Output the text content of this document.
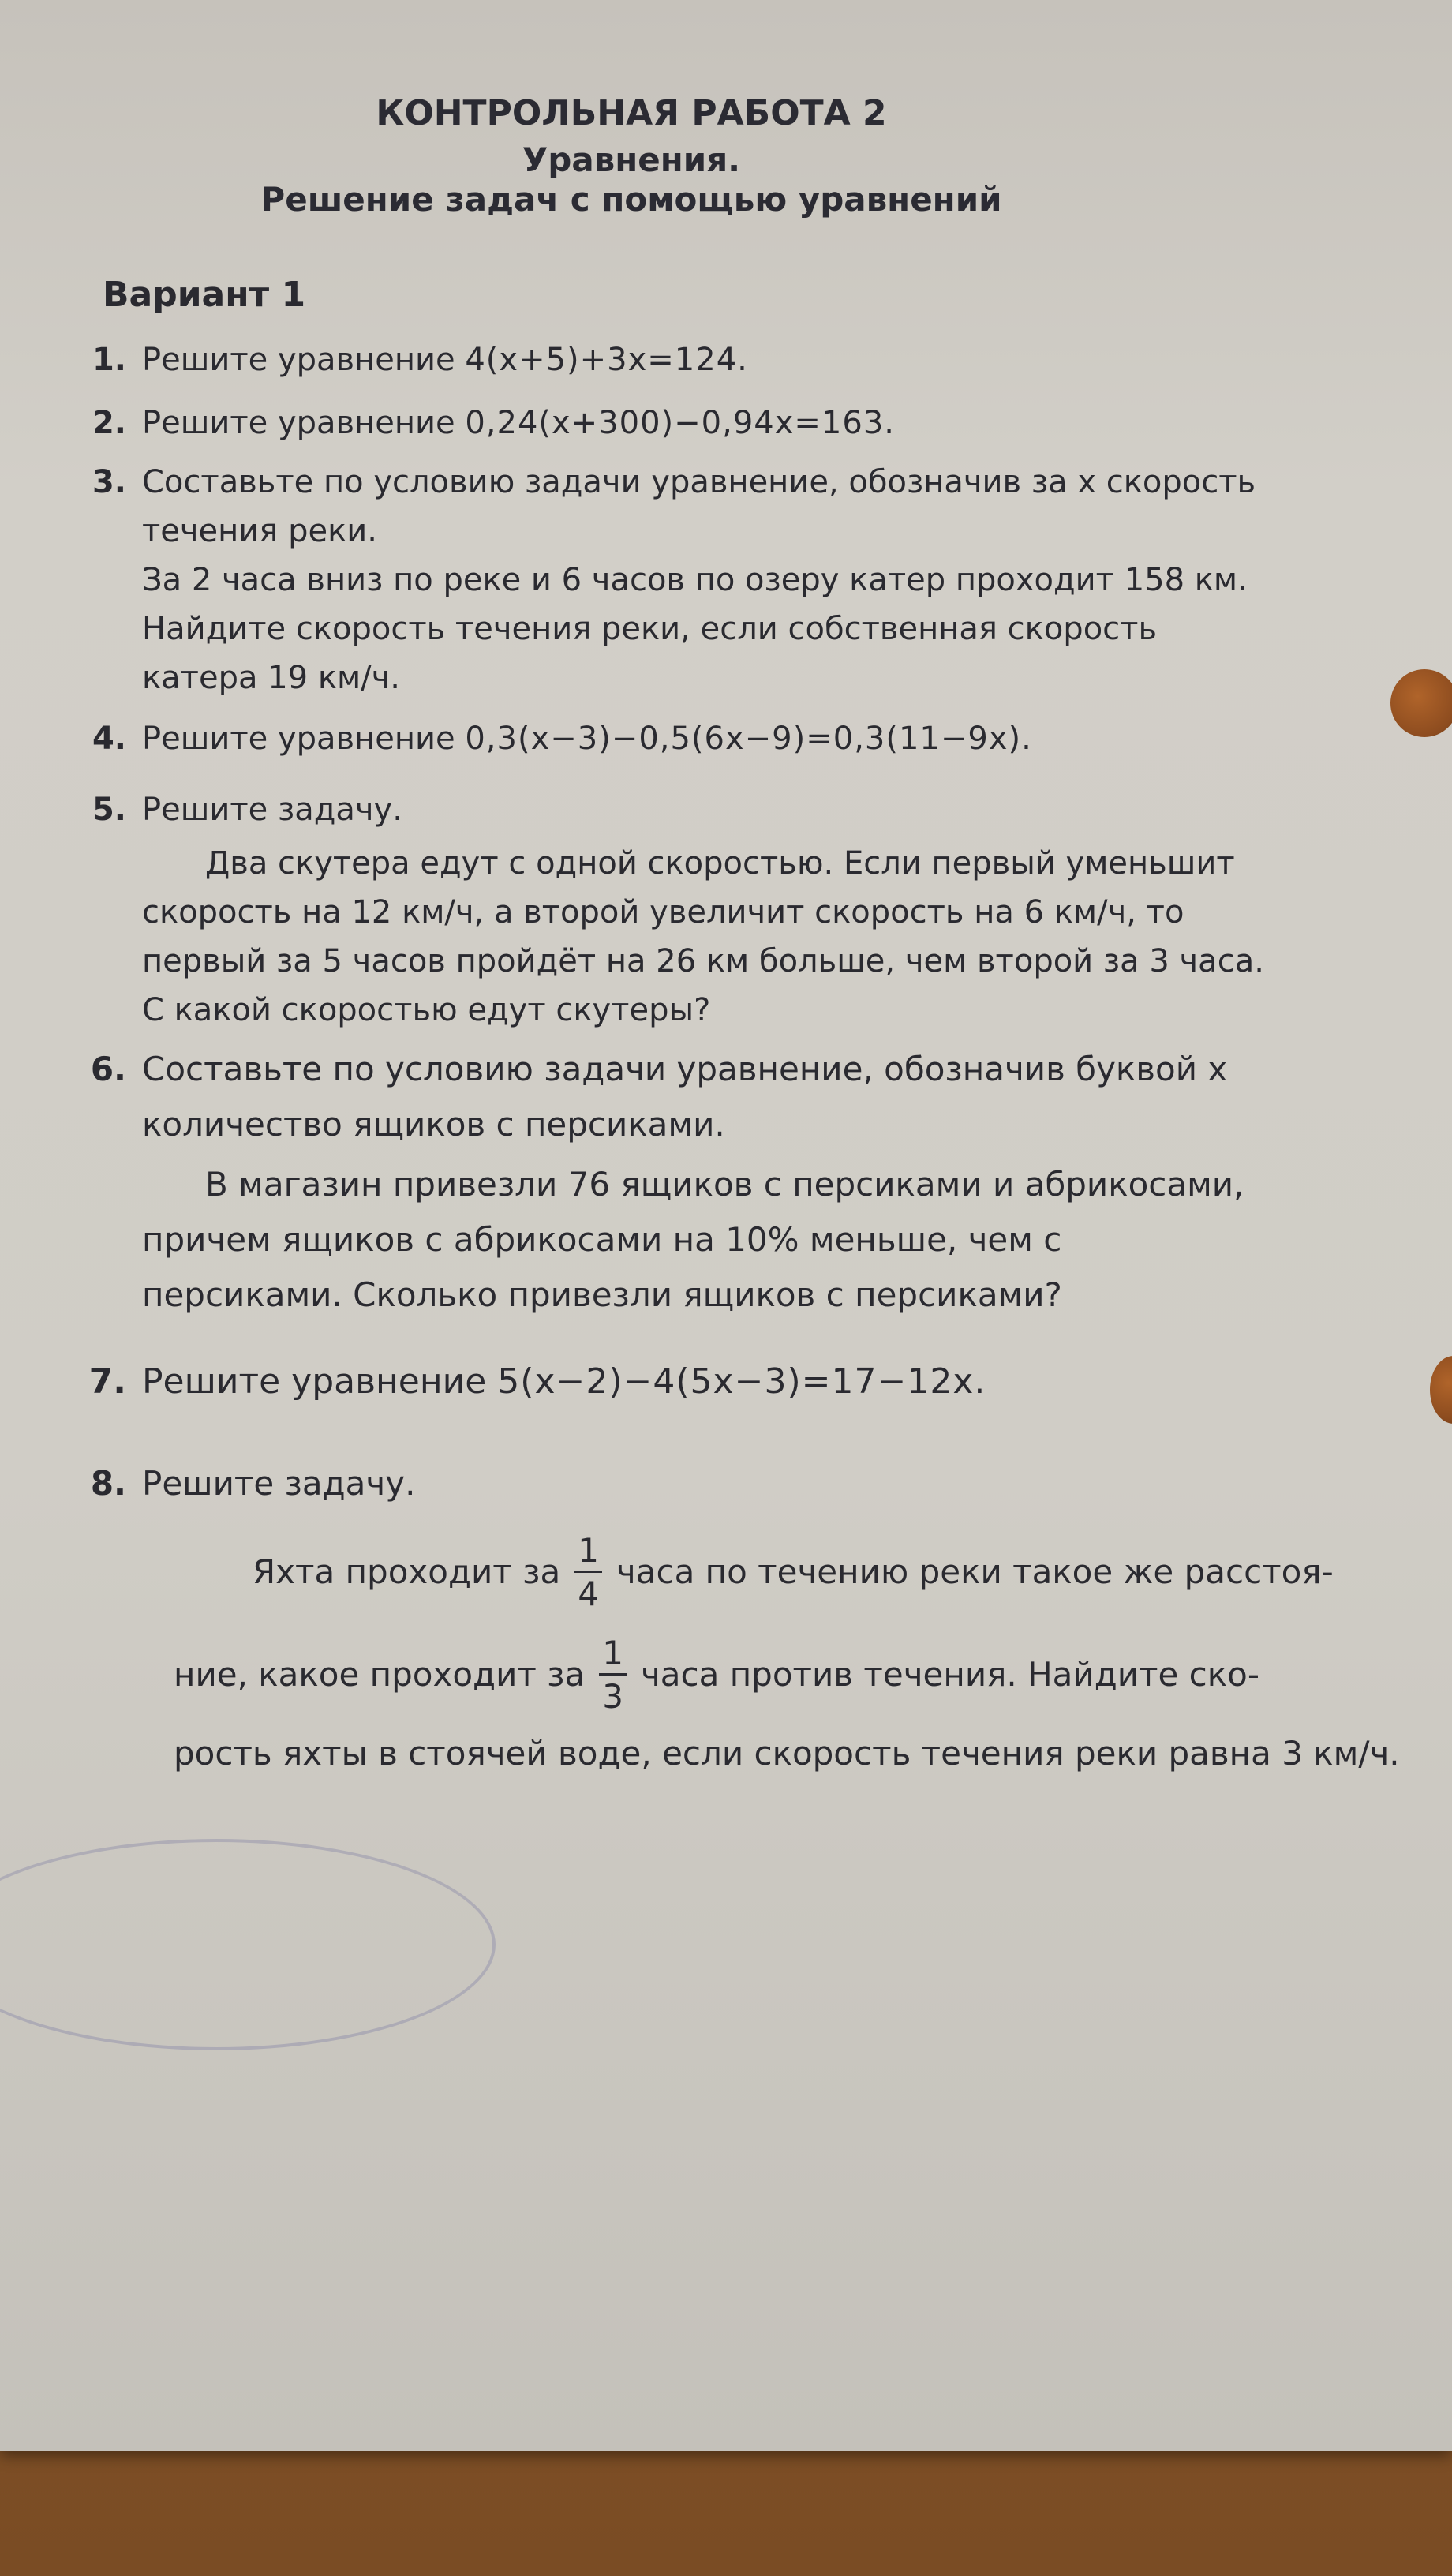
КОНТРОЛЬНАЯ РАБОТА 2
Уравнения.
Решение задач с помощью уравнений
Вариант 1
1. Решите уравнение 4(x+5)+3x=124.
2. Решите уравнение 0,24(x+300)−0,94x=163.
3. Составьте по условию задачи уравнение, обозначив за x скорость течения реки.
За 2 часа вниз по реке и 6 часов по озеру катер проходит 158 км. Найдите скорость течения реки, если собственная скорость катера 19 км/ч.
4. Решите уравнение 0,3(x−3)−0,5(6x−9)=0,3(11−9x).
5. Решите задачу.
Два скутера едут с одной скоростью. Если первый уменьшит скорость на 12 км/ч, а второй увеличит скорость на 6 км/ч, то первый за 5 часов пройдёт на 26 км больше, чем второй за 3 часа. С какой скоростью едут скутеры?
6. Составьте по условию задачи уравнение, обозначив буквой x количество ящиков с персиками.
В магазин привезли 76 ящиков с персиками и абрикосами, причем ящиков с абрикосами на 10% меньше, чем с персиками. Сколько привезли ящиков с персиками?
7. Решите уравнение 5(x−2)−4(5x−3)=17−12x.
8. Решите задачу.
Яхта проходит за $\frac{1}{4}$ часа по течению реки такое же расстоя-
ние, какое проходит за $\frac{1}{3}$ часа против течения. Найдите ско-
рость яхты в стоячей воде, если скорость течения реки равна 3 км/ч.
